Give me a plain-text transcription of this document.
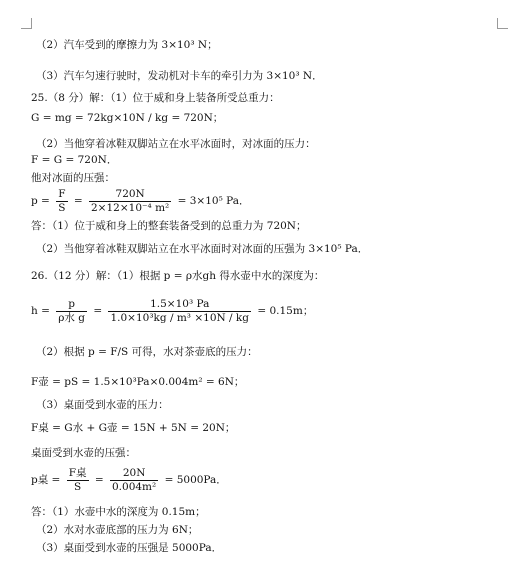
（2）汽车受到的摩擦力为 3×10³ N；
（3）汽车匀速行驶时，发动机对卡车的牵引力为 3×10³ N．
25.（8 分）解：（1）位于威和身上装备所受总重力：
G = mg = 72kg×10N / kg = 720N；
（2）当他穿着冰鞋双脚站立在水平冰面时，对冰面的压力：
F = G = 720N．
他对冰面的压强：
$p = \frac{F}{S} = \frac{720N}{\text{2×12×10⁻⁴ m²}} = 3\times 10^5$ Pa．
答：（1）位于威和身上的整套装备受到的总重力为 720N；
（2）当他穿着冰鞋双脚站立在水平冰面时对冰面的压强为 3×10⁵ Pa．
26.（12 分）解：（1）根据 p = ρ水gh 得水壶中水的深度为：
$h = \frac{p}{\text{ρ水 g}} = \frac{\text{1.5×10³ Pa}}{\text{1.0×10³kg / m³ ×10N / kg}} = 0.15m$；
（2）根据 p = F/S 可得，水对茶壶底的压力：
F壶 = pS = 1.5×10³Pa×0.004m² = 6N；
（3）桌面受到水壶的压力：
F桌 = G水 + G壶 = 15N + 5N = 20N；
桌面受到水壶的压强：
p桌 = $\frac{\text{F桌}}{S} = \frac{20N}{\text{0.004m²}} = 5000Pa$．
答：（1）水壶中水的深度为 0.15m；
（2）水对水壶底部的压力为 6N；
（3）桌面受到水壶的压强是 5000Pa．
